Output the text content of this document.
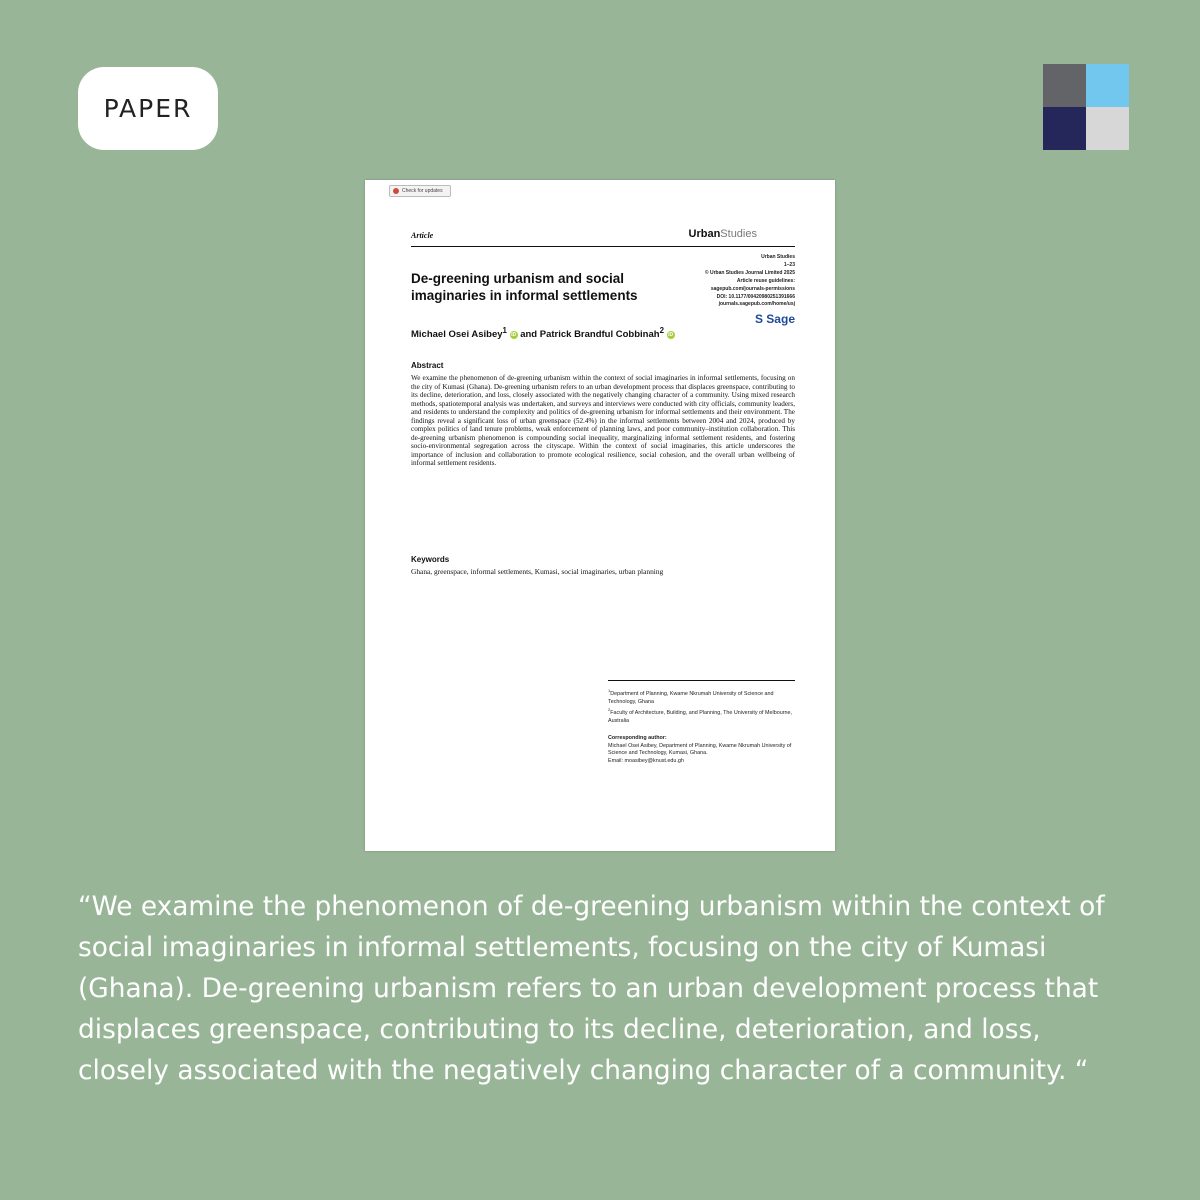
PAPER
Check for updates
Article	UrbanStudies
De-greening urbanism and social imaginaries in informal settlements
Urban Studies
1–23
© Urban Studies Journal Limited 2025
Article reuse guidelines:
sagepub.com/journals-permissions
DOI: 10.1177/00420980251391666
journals.sagepub.com/home/usj
S Sage
Michael Osei Asibey$^1$ iD and Patrick Brandful Cobbinah$^2$ iD
Abstract
We examine the phenomenon of de-greening urbanism within the context of social imaginaries in informal settlements, focusing on the city of Kumasi (Ghana). De-greening urbanism refers to an urban development process that displaces greenspace, contributing to its decline, deterioration, and loss, closely associated with the negatively changing character of a community. Using mixed research methods, spatiotemporal analysis was undertaken, and surveys and interviews were conducted with city officials, community leaders, and residents to understand the complexity and politics of de-greening urbanism for informal settlements and their environment. The findings reveal a significant loss of urban greenspace (52.4%) in the informal settlements between 2004 and 2024, produced by complex politics of land tenure problems, weak enforcement of planning laws, and poor community–institution collaboration. This de-greening urbanism phenomenon is compounding social inequality, marginalizing informal settlement residents, and fostering socio-environmental segregation across the cityscape. Within the context of social imaginaries, this article underscores the importance of inclusion and collaboration to promote ecological resilience, social cohesion, and the overall urban wellbeing of informal settlement residents.
Keywords
Ghana, greenspace, informal settlements, Kumasi, social imaginaries, urban planning
$^1$Department of Planning, Kwame Nkrumah University of Science and Technology, Ghana
$^2$Faculty of Architecture, Building, and Planning, The University of Melbourne, Australia
Corresponding author:
Michael Osei Asibey, Department of Planning, Kwame Nkrumah University of Science and Technology, Kumasi, Ghana.
Email: moasibey@knust.edu.gh
“We examine the phenomenon of de-greening urbanism within the context of social imaginaries in informal settlements, focusing on the city of Kumasi (Ghana). De-greening urbanism refers to an urban development process that displaces greenspace, contributing to its decline, deterioration, and loss, closely associated with the negatively changing character of a community. “
